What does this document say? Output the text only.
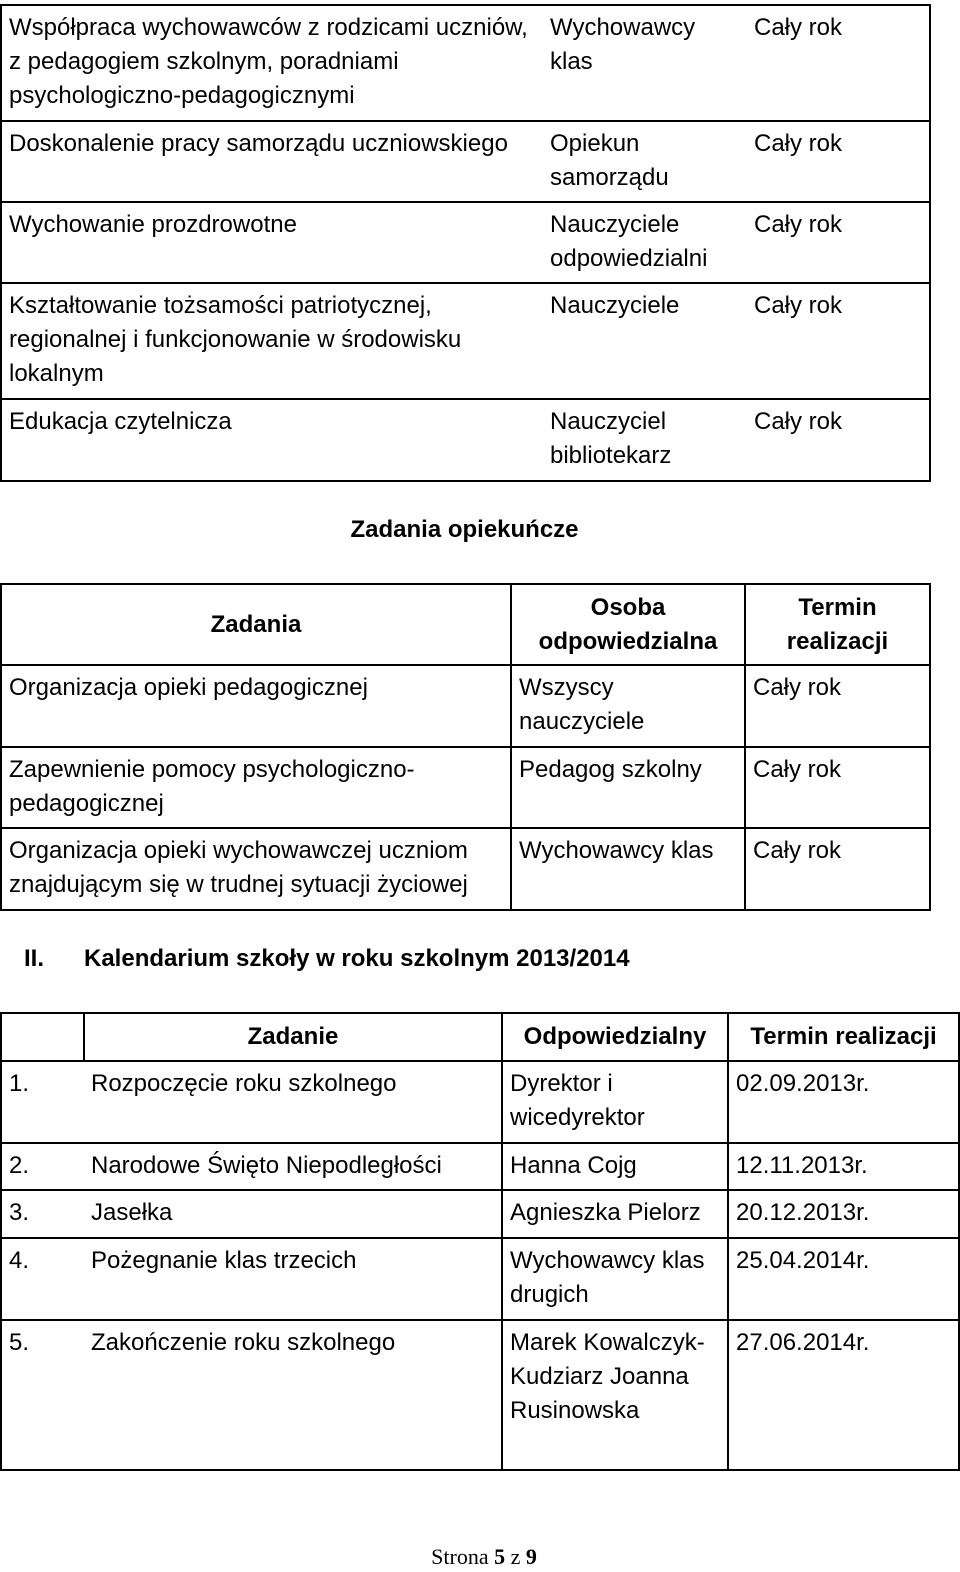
Współpraca wychowawców z rodzicami uczniów, z pedagogiem szkolnym, poradniami psychologiczno-pedagogicznymi	Wychowawcy klas	Cały rok
Doskonalenie pracy samorządu uczniowskiego	Opiekun samorządu	Cały rok
Wychowanie prozdrowotne	Nauczyciele odpowiedzialni	Cały rok
Kształtowanie tożsamości patriotycznej, regionalnej i funkcjonowanie w środowisku lokalnym	Nauczyciele	Cały rok
Edukacja czytelnicza	Nauczyciel bibliotekarz	Cały rok
Zadania opiekuńcze
Zadania	Osoba odpowiedzialna	Termin realizacji
Organizacja opieki pedagogicznej	Wszyscy nauczyciele	Cały rok
Zapewnienie pomocy psychologiczno-pedagogicznej	Pedagog szkolny	Cały rok
Organizacja opieki wychowawczej uczniom znajdującym się w trudnej sytuacji życiowej	Wychowawcy klas	Cały rok
II. Kalendarium szkoły w roku szkolnym 2013/2014
	Zadanie	Odpowiedzialny	Termin realizacji
1.	Rozpoczęcie roku szkolnego	Dyrektor i wicedyrektor	02.09.2013r.
2.	Narodowe Święto Niepodległości	Hanna Cojg	12.11.2013r.
3.	Jasełka	Agnieszka Pielorz	20.12.2013r.
4.	Pożegnanie klas trzecich	Wychowawcy klas drugich	25.04.2014r.
5.	Zakończenie roku szkolnego	Marek Kowalczyk-Kudziarz Joanna Rusinowska	27.06.2014r.
Strona 5 z 9
